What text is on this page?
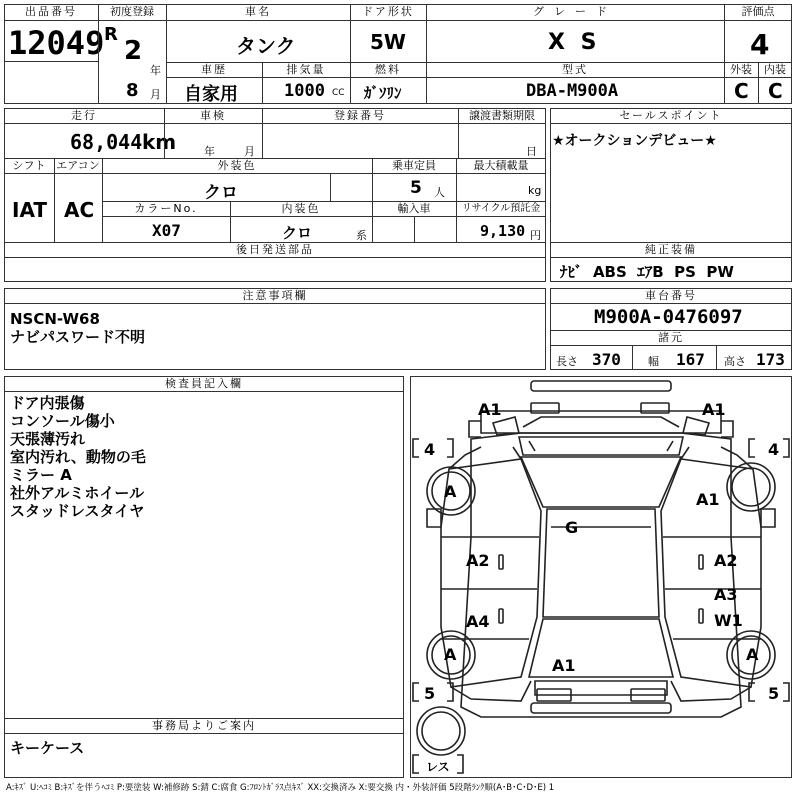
出品番号
12049
初度登録
R
2
年
8 月
車名
タンク
ドア形状
5W
グレード
X S
評価点
4
車歴
自家用
排気量
1000 CC
燃料
ｶﾞｿﾘﾝ
型式
DBA-M900A
外装	内装
C C
走行
68,044 km
車検
年	月
登録番号	譲渡書類期限
日
シフト
IAT
エアコン
AC
外装色
クロ
乗車定員
5 人
最大積載量
kg
カラーNo.
X07
内装色
クロ	系
輸入車	リサイクル預託金
9,130 円
後日発送部品
セールスポイント
★オークションデビュー★
純正装備
ﾅﾋﾞ  ABS  ｴｱB  PS  PW
注意事項欄
NSCN-W68
ナビパスワード不明
車台番号
M900A-0476097
諸元
長さ 370 幅 167 高さ 173
検査員記入欄
ドア内張傷
コンソール傷小
天張薄汚れ
室内汚れ、動物の毛
ミラー A
社外アルミホイール
スタッドレスタイヤ
事務局よりご案内
キーケース
A1	A1
4	4
A	A1
G
A2	A2
A3
A4	W1
A	A
A1
5	5
レス
A:ｷｽﾞ U:ﾍｺﾐ B:ｷｽﾞを伴うﾍｺﾐ P:要塗装 W:補修跡 S:錆 C:腐食 G:ﾌﾛﾝﾄｶﾞﾗｽ点ｷｽﾞ XX:交換済み X:要交換 内・外装評価 5段階ﾗﾝｸ順(A･B･C･D･E) 1
